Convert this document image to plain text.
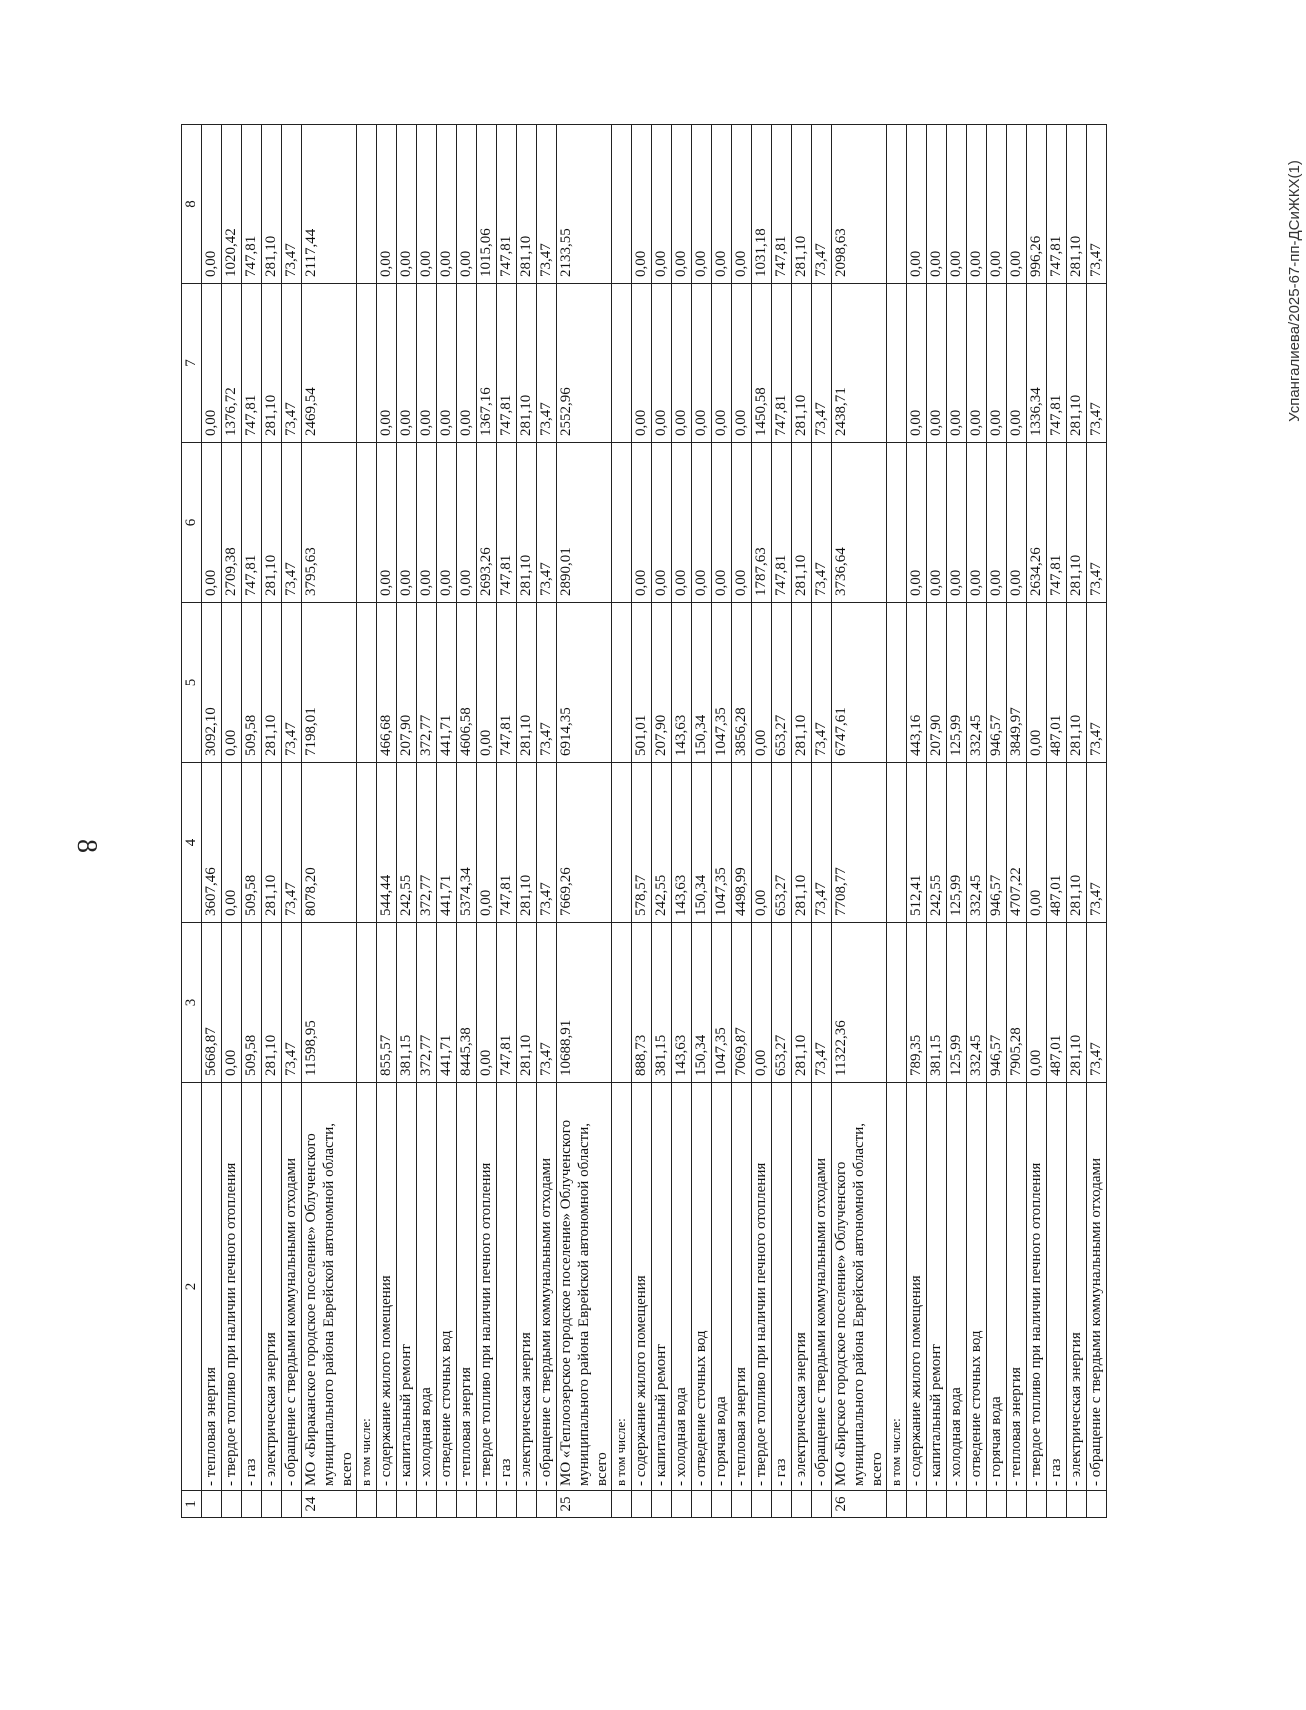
8
Успангалиева/2025-67-пп-ДСиЖКХ(1)
1	2	3	4	5	6	7	8
	- тепловая энергия	5668,87	3607,46	3092,10	0,00	0,00	0,00
	- твердое топливо при наличии печного отопления	0,00	0,00	0,00	2709,38	1376,72	1020,42
	- газ	509,58	509,58	509,58	747,81	747,81	747,81
	- электрическая энергия	281,10	281,10	281,10	281,10	281,10	281,10
	- обращение с твердыми коммунальными отходами	73,47	73,47	73,47	73,47	73,47	73,47
24	МО «Бираканское городское поселение» Облученского муниципального района Еврейской автономной области, всего	11598,95	8078,20	7198,01	3795,63	2469,54	2117,44
	в том числе:						
	- содержание жилого помещения	855,57	544,44	466,68	0,00	0,00	0,00
	- капитальный ремонт	381,15	242,55	207,90	0,00	0,00	0,00
	- холодная вода	372,77	372,77	372,77	0,00	0,00	0,00
	- отведение сточных вод	441,71	441,71	441,71	0,00	0,00	0,00
	- тепловая энергия	8445,38	5374,34	4606,58	0,00	0,00	0,00
	- твердое топливо при наличии печного отопления	0,00	0,00	0,00	2693,26	1367,16	1015,06
	- газ	747,81	747,81	747,81	747,81	747,81	747,81
	- электрическая энергия	281,10	281,10	281,10	281,10	281,10	281,10
	- обращение с твердыми коммунальными отходами	73,47	73,47	73,47	73,47	73,47	73,47
25	МО «Теплоозерское городское поселение» Облученского муниципального района Еврейской автономной области, всего	10688,91	7669,26	6914,35	2890,01	2552,96	2133,55
	в том числе:						
	- содержание жилого помещения	888,73	578,57	501,01	0,00	0,00	0,00
	- капитальный ремонт	381,15	242,55	207,90	0,00	0,00	0,00
	- холодная вода	143,63	143,63	143,63	0,00	0,00	0,00
	- отведение сточных вод	150,34	150,34	150,34	0,00	0,00	0,00
	- горячая вода	1047,35	1047,35	1047,35	0,00	0,00	0,00
	- тепловая энергия	7069,87	4498,99	3856,28	0,00	0,00	0,00
	- твердое топливо при наличии печного отопления	0,00	0,00	0,00	1787,63	1450,58	1031,18
	- газ	653,27	653,27	653,27	747,81	747,81	747,81
	- электрическая энергия	281,10	281,10	281,10	281,10	281,10	281,10
	- обращение с твердыми коммунальными отходами	73,47	73,47	73,47	73,47	73,47	73,47
26	МО «Бирское городское поселение» Облученского муниципального района Еврейской автономной области, всего	11322,36	7708,77	6747,61	3736,64	2438,71	2098,63
	в том числе:						
	- содержание жилого помещения	789,35	512,41	443,16	0,00	0,00	0,00
	- капитальный ремонт	381,15	242,55	207,90	0,00	0,00	0,00
	- холодная вода	125,99	125,99	125,99	0,00	0,00	0,00
	- отведение сточных вод	332,45	332,45	332,45	0,00	0,00	0,00
	- горячая вода	946,57	946,57	946,57	0,00	0,00	0,00
	- тепловая энергия	7905,28	4707,22	3849,97	0,00	0,00	0,00
	- твердое топливо при наличии печного отопления	0,00	0,00	0,00	2634,26	1336,34	996,26
	- газ	487,01	487,01	487,01	747,81	747,81	747,81
	- электрическая энергия	281,10	281,10	281,10	281,10	281,10	281,10
	- обращение с твердыми коммунальными отходами	73,47	73,47	73,47	73,47	73,47	73,47
